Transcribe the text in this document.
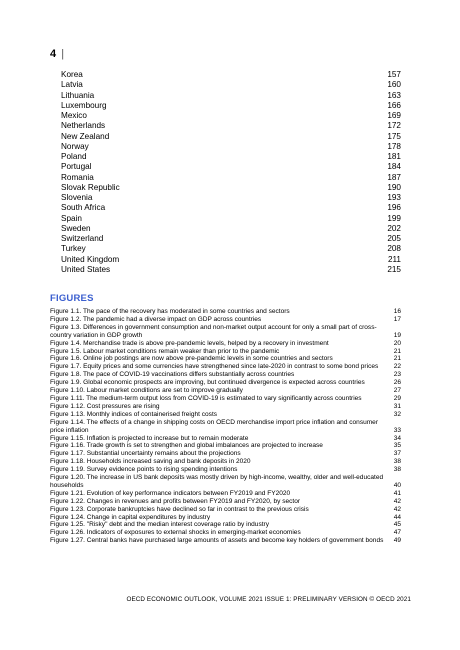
4 |
Korea	157
Latvia	160
Lithuania	163
Luxembourg	166
Mexico	169
Netherlands	172
New Zealand	175
Norway	178
Poland	181
Portugal	184
Romania	187
Slovak Republic	190
Slovenia	193
South Africa	196
Spain	199
Sweden	202
Switzerland	205
Turkey	208
United Kingdom	211
United States	215
FIGURES
Figure 1.1. The pace of the recovery has moderated in some countries and sectors	16
Figure 1.2. The pandemic had a diverse impact on GDP across countries	17
Figure 1.3. Differences in government consumption and non-market output account for only a small part of cross-country variation in GDP growth	19
Figure 1.4. Merchandise trade is above pre-pandemic levels, helped by a recovery in investment	20
Figure 1.5. Labour market conditions remain weaker than prior to the pandemic	21
Figure 1.6. Online job postings are now above pre-pandemic levels in some countries and sectors	21
Figure 1.7. Equity prices and some currencies have strengthened since late-2020 in contrast to some bond prices	22
Figure 1.8. The pace of COVID-19 vaccinations differs substantially across countries	23
Figure 1.9. Global economic prospects are improving, but continued divergence is expected across countries	26
Figure 1.10. Labour market conditions are set to improve gradually	27
Figure 1.11. The medium-term output loss from COVID-19 is estimated to vary significantly across countries	29
Figure 1.12. Cost pressures are rising	31
Figure 1.13. Monthly indices of containerised freight costs	32
Figure 1.14. The effects of a change in shipping costs on OECD merchandise import price inflation and consumer price inflation	33
Figure 1.15. Inflation is projected to increase but to remain moderate	34
Figure 1.16. Trade growth is set to strengthen and global imbalances are projected to increase	35
Figure 1.17. Substantial uncertainty remains about the projections	37
Figure 1.18. Households increased saving and bank deposits in 2020	38
Figure 1.19. Survey evidence points to rising spending intentions	38
Figure 1.20. The increase in US bank deposits was mostly driven by high-income, wealthy, older and well-educated households	40
Figure 1.21. Evolution of key performance indicators between FY2019 and FY2020	41
Figure 1.22. Changes in revenues and profits between FY2019 and FY2020, by sector	42
Figure 1.23. Corporate bankruptcies have declined so far in contrast to the previous crisis	42
Figure 1.24. Change in capital expenditures by industry	44
Figure 1.25. "Risky" debt and the median interest coverage ratio by industry	45
Figure 1.26. Indicators of exposures to external shocks in emerging-market economies	47
Figure 1.27. Central banks have purchased large amounts of assets and become key holders of government bonds	49
OECD ECONOMIC OUTLOOK, VOLUME 2021 ISSUE 1: PRELIMINARY VERSION © OECD 2021
